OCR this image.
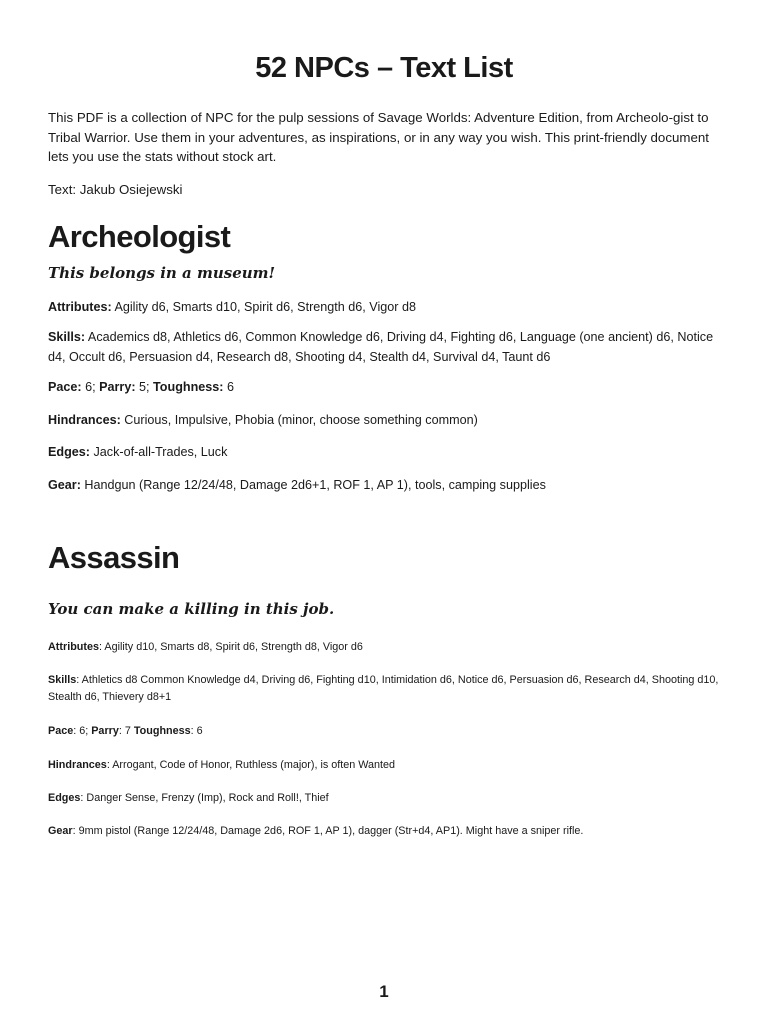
52 NPCs – Text List

This PDF is a collection of NPC for the pulp sessions of Savage Worlds: Adventure Edition, from Archeolo-gist to Tribal Warrior. Use them in your adventures, as inspirations, or in any way you wish. This print-friendly document lets you use the stats without stock art.

Text: Jakub Osiejewski

Archeologist

This belongs in a museum!

Attributes: Agility d6, Smarts d10, Spirit d6, Strength d6, Vigor d8

Skills: Academics d8, Athletics d6, Common Knowledge d6, Driving d4, Fighting d6, Language (one ancient) d6, Notice d4, Occult d6, Persuasion d4, Research d8, Shooting d4, Stealth d4, Survival d4, Taunt d6

Pace: 6; Parry: 5; Toughness: 6

Hindrances: Curious, Impulsive, Phobia (minor, choose something common)

Edges: Jack-of-all-Trades, Luck

Gear: Handgun (Range 12/24/48, Damage 2d6+1, ROF 1, AP 1), tools, camping supplies

Assassin

You can make a killing in this job.

Attributes: Agility d10, Smarts d8, Spirit d6, Strength d8, Vigor d6

Skills: Athletics d8 Common Knowledge d4, Driving d6, Fighting d10, Intimidation d6, Notice d6, Persuasion d6, Research d4, Shooting d10, Stealth d6, Thievery d8+1

Pace: 6; Parry: 7 Toughness: 6

Hindrances: Arrogant, Code of Honor, Ruthless (major), is often Wanted

Edges: Danger Sense, Frenzy (Imp), Rock and Roll!, Thief

Gear: 9mm pistol (Range 12/24/48, Damage 2d6, ROF 1, AP 1), dagger (Str+d4, AP1). Might have a sniper rifle.

1
